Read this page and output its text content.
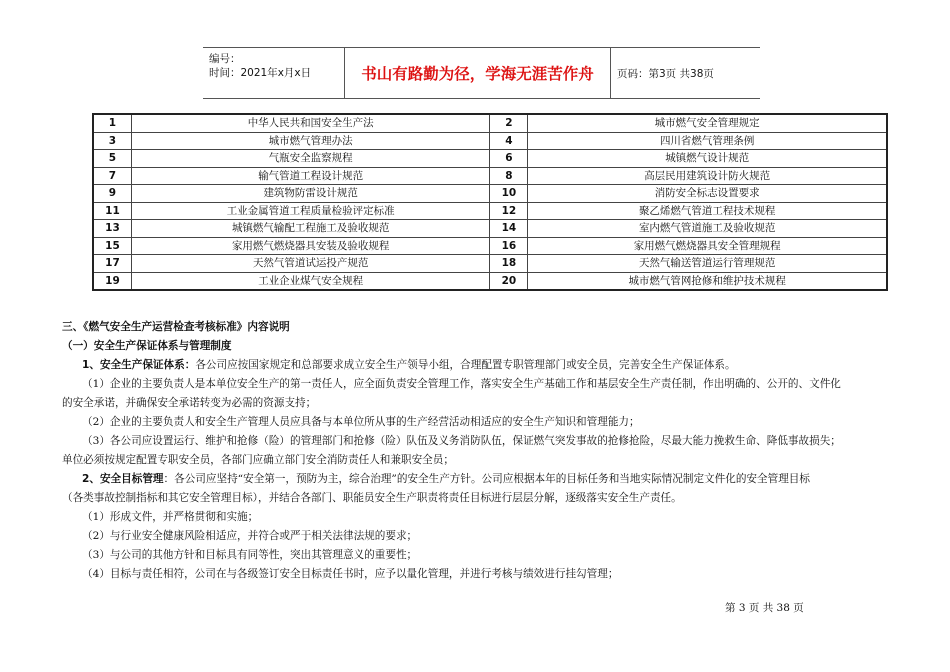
编号：
时间：2021年x月x日	书山有路勤为径，学海无涯苦作舟	页码：第3页 共38页
1	中华人民共和国安全生产法	2	城市燃气安全管理规定
3	城市燃气管理办法	4	四川省燃气管理条例
5	气瓶安全监察规程	6	城镇燃气设计规范
7	输气管道工程设计规范	8	高层民用建筑设计防火规范
9	建筑物防雷设计规范	10	消防安全标志设置要求
11	工业金属管道工程质量检验评定标准	12	聚乙烯燃气管道工程技术规程
13	城镇燃气输配工程施工及验收规范	14	室内燃气管道施工及验收规范
15	家用燃气燃烧器具安装及验收规程	16	家用燃气燃烧器具安全管理规程
17	天然气管道试运投产规范	18	天然气输送管道运行管理规范
19	工业企业煤气安全规程	20	城市燃气管网抢修和维护技术规程
三、《燃气安全生产运营检查考核标准》内容说明
（一）安全生产保证体系与管理制度
1、安全生产保证体系：各公司应按国家规定和总部要求成立安全生产领导小组，合理配置专职管理部门或安全员，完善安全生产保证体系。
（1）企业的主要负责人是本单位安全生产的第一责任人，应全面负责安全管理工作，落实安全生产基础工作和基层安全生产责任制，作出明确的、公开的、文件化
的安全承诺，并确保安全承诺转变为必需的资源支持；
（2）企业的主要负责人和安全生产管理人员应具备与本单位所从事的生产经营活动相适应的安全生产知识和管理能力；
（3）各公司应设置运行、维护和抢修（险）的管理部门和抢修（险）队伍及义务消防队伍，保证燃气突发事故的抢修抢险，尽最大能力挽救生命、降低事故损失；
单位必须按规定配置专职安全员，各部门应确立部门安全消防责任人和兼职安全员；
2、安全目标管理：各公司应坚持“安全第一，预防为主，综合治理”的安全生产方针。公司应根据本年的目标任务和当地实际情况制定文件化的安全管理目标
（各类事故控制指标和其它安全管理目标），并结合各部门、职能员安全生产职责将责任目标进行层层分解，逐级落实安全生产责任。
（1）形成文件，并严格贯彻和实施；
（2）与行业安全健康风险相适应，并符合或严于相关法律法规的要求；
（3）与公司的其他方针和目标具有同等性，突出其管理意义的重要性；
（4）目标与责任相符，公司在与各级签订安全目标责任书时，应予以量化管理，并进行考核与绩效进行挂勾管理；
第 3 页 共 38 页
